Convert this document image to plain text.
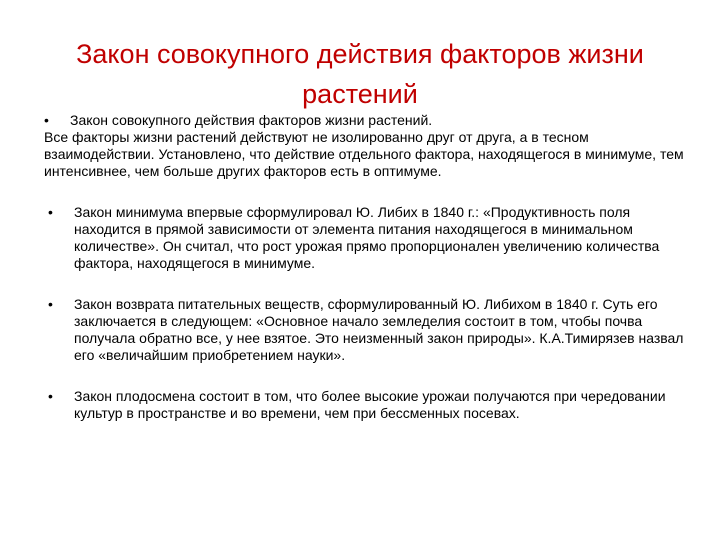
Закон совокупного действия факторов жизни растений
•	Закон совокупного действия факторов жизни растений.

Все факторы жизни растений действуют не изолированно друг от друга, а в тесном взаимодействии. Установлено, что действие отдельного фактора, находящегося в минимуме, тем интенсивнее, чем больше других факторов есть в оптимуме.

•	Закон минимума впервые сформулировал Ю. Либих в 1840 г.: «Продуктивность поля находится в прямой зависимости от элемента питания находящегося в минимальном количестве». Он считал, что рост урожая прямо пропорционален увеличению количества фактора, находящегося в минимуме.
•	Закон возврата питательных веществ, сформулированный Ю. Либихом в 1840 г. Суть его заключается в следующем: «Основное начало земледелия состоит в том, чтобы почва получала обратно все, у нее взятое. Это неизменный закон природы». К.А.Тимирязев назвал его «величайшим приобретением науки».
•	Закон плодосмена состоит в том, что более высокие урожаи получаются при чередовании культур в пространстве и во времени, чем при бессменных посевах.
